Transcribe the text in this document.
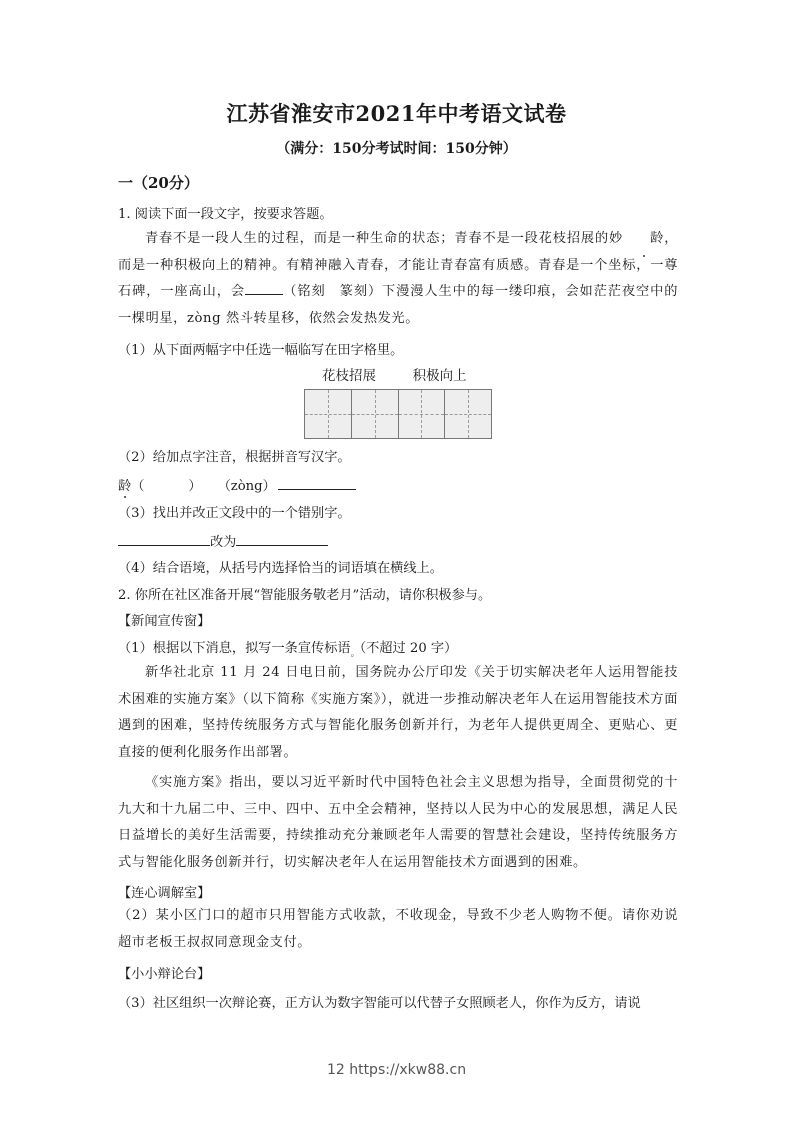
江苏省淮安市2021年中考语文试卷
（满分：150分考试时间：150分钟）
一（20分）
1. 阅读下面一段文字，按要求答题。
青春不是一段人生的过程，而是一种生命的状态；青春不是一段花枝招展的妙 龄，而是一种积极向上的精神。有精神融入青春，才能让青春富有质感。青春是一个坐标，一尊石碑，一座高山，会	（铭刻　篆刻）下漫漫人生中的每一缕印痕，会如茫茫夜空中的一棵明星，zòng 然斗转星移，依然会发热发光。
（1）从下面两幅字中任选一幅临写在田字格里。
花枝招展	积极向上
（2）给加点字注音，根据拼音写汉字。
龄（	） （zòng）
（3）找出并改正文段中的一个错别字。
改为
（4）结合语境，从括号内选择恰当的词语填在横线上。
2. 你所在社区准备开展“智能服务敬老月”活动，请你积极参与。
【新闻宣传窗】
（1）根据以下消息，拟写一条宣传标语$_。$（不超过 20 字）
新华社北京 11 月 24 日电日前，国务院办公厅印发《关于切实解决老年人运用智能技术困难的实施方案》（以下简称《实施方案》），就进一步推动解决老年人在运用智能技术方面遇到的困难，坚持传统服务方式与智能化服务创新并行，为老年人提供更周全、更贴心、更直接的便利化服务作出部署。
《实施方案》指出，要以习近平新时代中国特色社会主义思想为指导，全面贯彻党的十九大和十九届二中、三中、四中、五中全会精神，坚持以人民为中心的发展思想，满足人民日益增长的美好生活需要，持续推动充分兼顾老年人需要的智慧社会建设，坚持传统服务方式与智能化服务创新并行，切实解决老年人在运用智能技术方面遇到的困难。
【连心调解室】
（2）某小区门口的超市只用智能方式收款，不收现金，导致不少老人购物不便。请你劝说超市老板王叔叔同意现金支付。
【小小辩论台】
（3）社区组织一次辩论赛，正方认为数字智能可以代替子女照顾老人，你作为反方，请说
12 https://xkw88.cn
